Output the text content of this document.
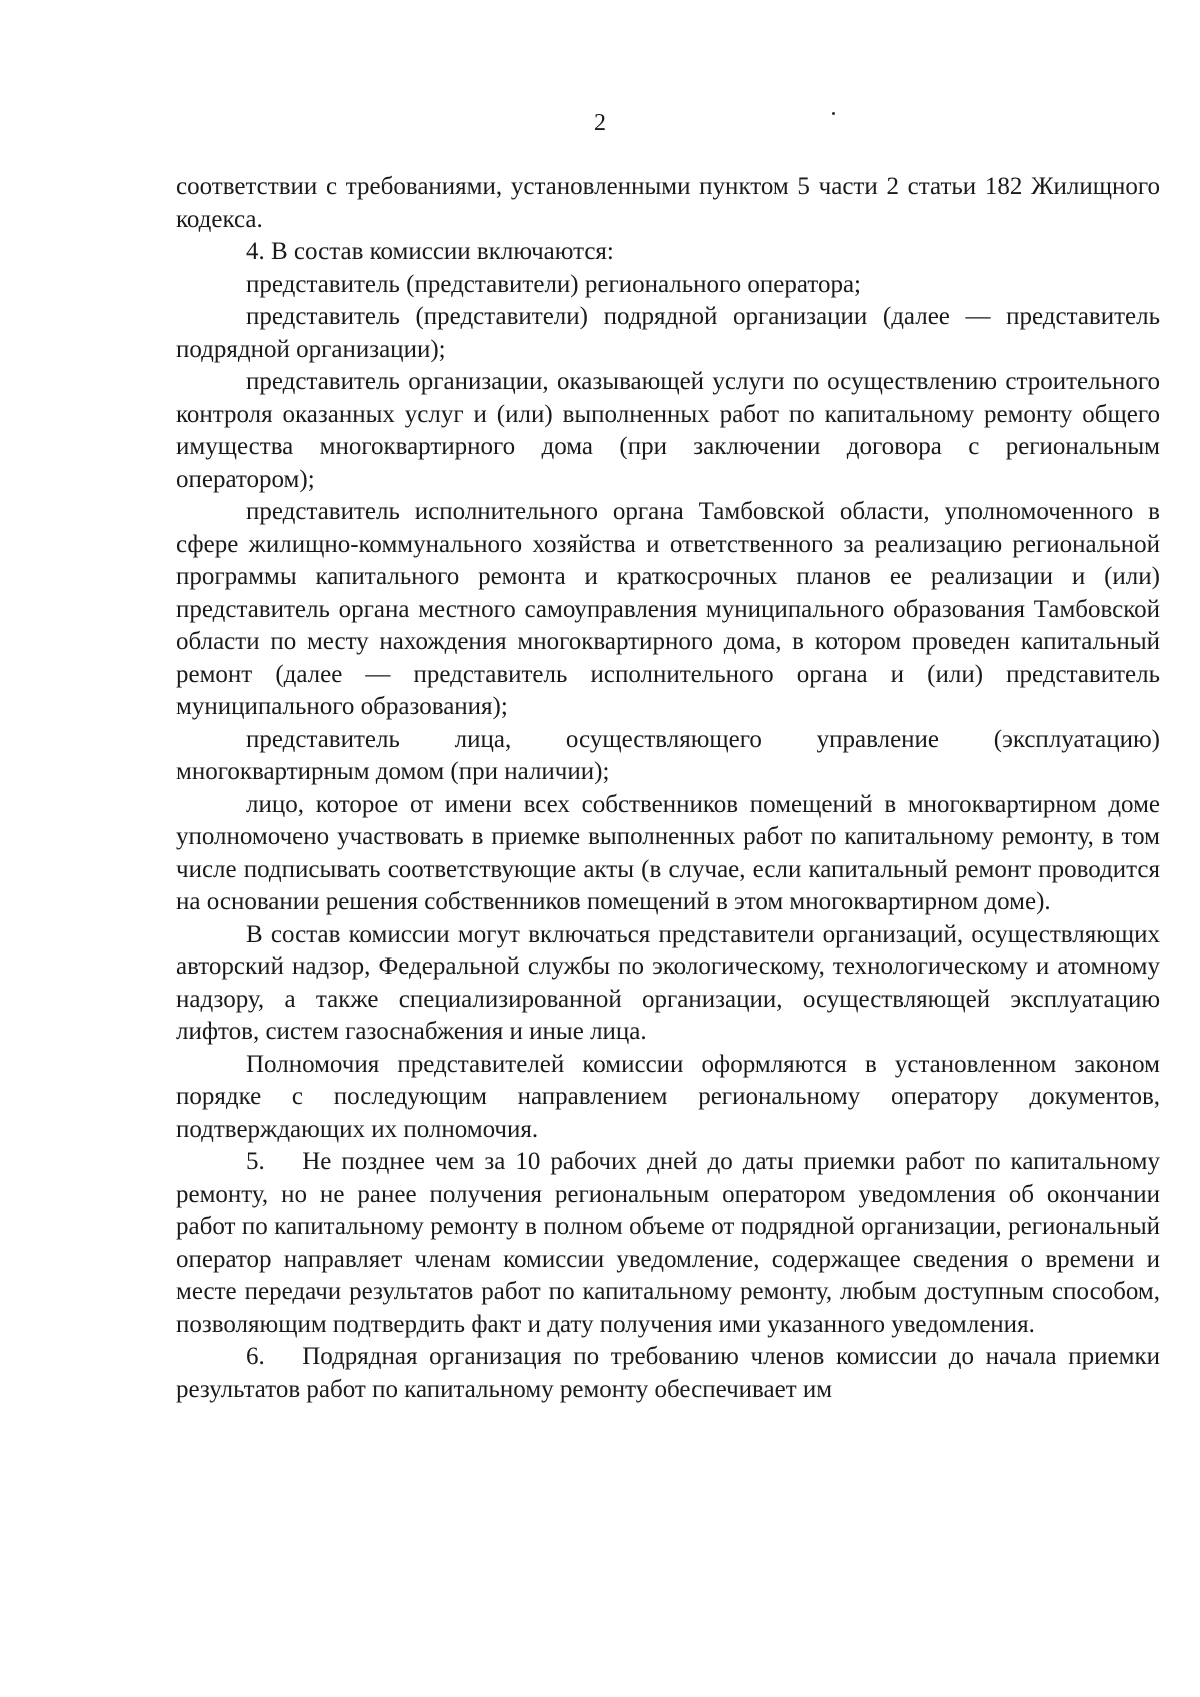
2

соответствии с требованиями, установленными пунктом 5 части 2 статьи 182 Жилищного кодекса.

4. В состав комиссии включаются:

представитель (представители) регионального оператора;

представитель (представители) подрядной организации (далее — представитель подрядной организации);

представитель организации, оказывающей услуги по осуществлению строительного контроля оказанных услуг и (или) выполненных работ по капитальному ремонту общего имущества многоквартирного дома (при заключении договора с региональным оператором);

представитель исполнительного органа Тамбовской области, уполномоченного в сфере жилищно-коммунального хозяйства и ответственного за реализацию региональной программы капитального ремонта и краткосрочных планов ее реализации и (или) представитель органа местного самоуправления муниципального образования Тамбовской области по месту нахождения многоквартирного дома, в котором проведен капитальный ремонт (далее — представитель исполнительного органа и (или) представитель муниципального образования);

представитель лица, осуществляющего управление (эксплуатацию) многоквартирным домом (при наличии);

лицо, которое от имени всех собственников помещений в многоквартирном доме уполномочено участвовать в приемке выполненных работ по капитальному ремонту, в том числе подписывать соответствующие акты (в случае, если капитальный ремонт проводится на основании решения собственников помещений в этом многоквартирном доме).

В состав комиссии могут включаться представители организаций, осуществляющих авторский надзор, Федеральной службы по экологическому, технологическому и атомному надзору, а также специализированной организации, осуществляющей эксплуатацию лифтов, систем газоснабжения и иные лица.

Полномочия представителей комиссии оформляются в установленном законом порядке с последующим направлением региональному оператору документов, подтверждающих их полномочия.

5.  Не позднее чем за 10 рабочих дней до даты приемки работ по капитальному ремонту, но не ранее получения региональным оператором уведомления об окончании работ по капитальному ремонту в полном объеме от подрядной организации, региональный оператор направляет членам комиссии уведомление, содержащее сведения о времени и месте передачи результатов работ по капитальному ремонту, любым доступным способом, позволяющим подтвердить факт и дату получения ими указанного уведомления.

6.  Подрядная организация по требованию членов комиссии до начала приемки результатов работ по капитальному ремонту обеспечивает им
